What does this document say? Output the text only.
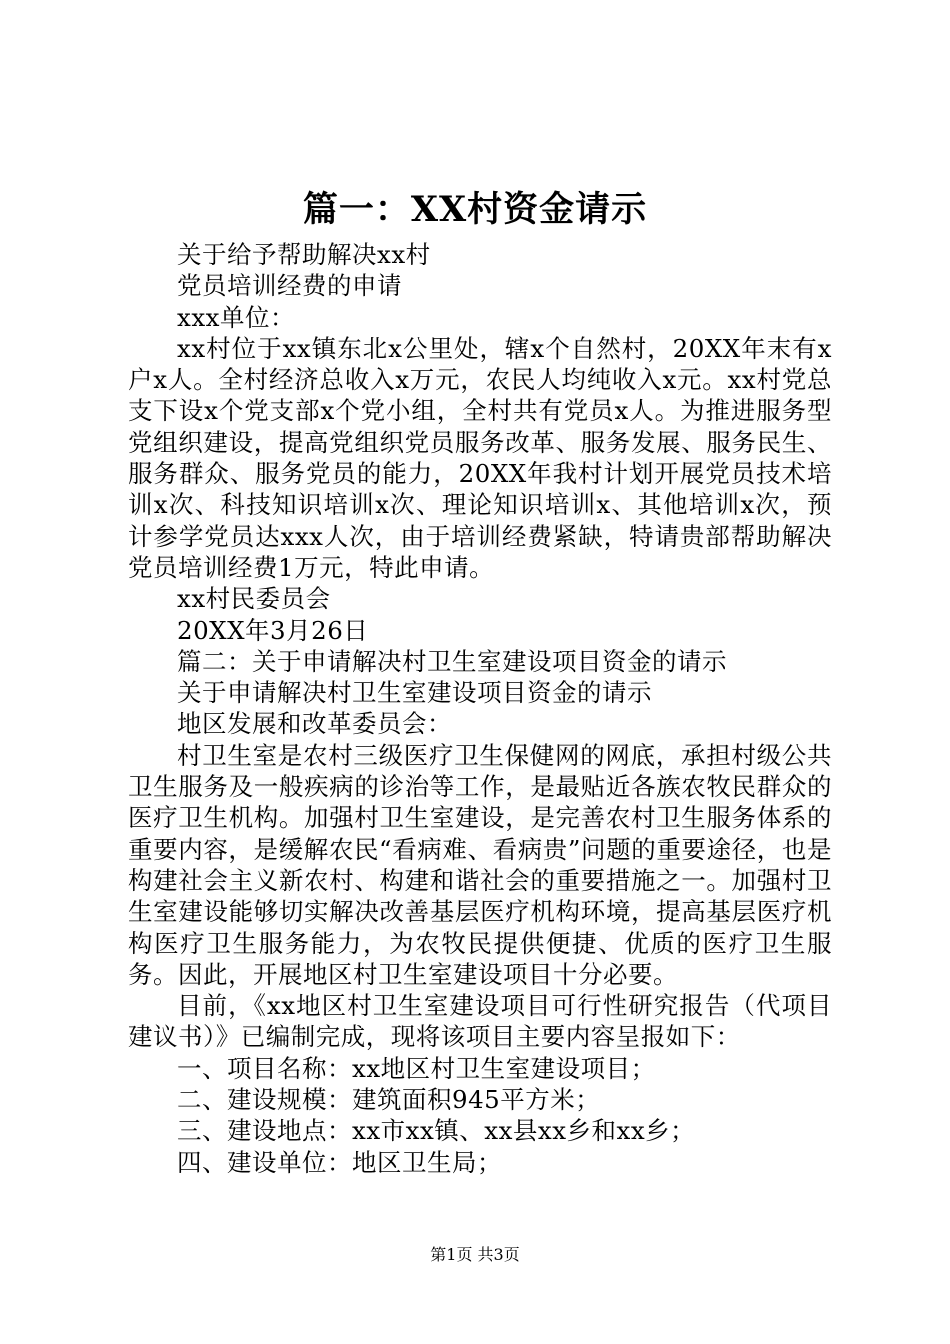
篇一：XX村资金请示

关于给予帮助解决xx村

党员培训经费的申请

xxx单位：

xx村位于xx镇东北x公里处，辖x个自然村，20XX年末有x户x人。全村经济总收入x万元，农民人均纯收入x元。xx村党总支下设x个党支部x个党小组，全村共有党员x人。为推进服务型党组织建设，提高党组织党员服务改革、服务发展、服务民生、服务群众、服务党员的能力，20XX年我村计划开展党员技术培训x次、科技知识培训x次、理论知识培训x、其他培训x次，预计参学党员达xxx人次，由于培训经费紧缺，特请贵部帮助解决党员培训经费1万元，特此申请。

xx村民委员会

20XX年3月26日

篇二：关于申请解决村卫生室建设项目资金的请示

关于申请解决村卫生室建设项目资金的请示

地区发展和改革委员会：

村卫生室是农村三级医疗卫生保健网的网底，承担村级公共卫生服务及一般疾病的诊治等工作，是最贴近各族农牧民群众的医疗卫生机构。加强村卫生室建设，是完善农村卫生服务体系的重要内容，是缓解农民“看病难、看病贵”问题的重要途径，也是构建社会主义新农村、构建和谐社会的重要措施之一。加强村卫生室建设能够切实解决改善基层医疗机构环境，提高基层医疗机构医疗卫生服务能力，为农牧民提供便捷、优质的医疗卫生服务。因此，开展地区村卫生室建设项目十分必要。

目前，《xx地区村卫生室建设项目可行性研究报告（代项目建议书）》已编制完成，现将该项目主要内容呈报如下：

一、项目名称：xx地区村卫生室建设项目；

二、建设规模：建筑面积945平方米；

三、建设地点：xx市xx镇、xx县xx乡和xx乡；

四、建设单位：地区卫生局；

第1页 共3页
